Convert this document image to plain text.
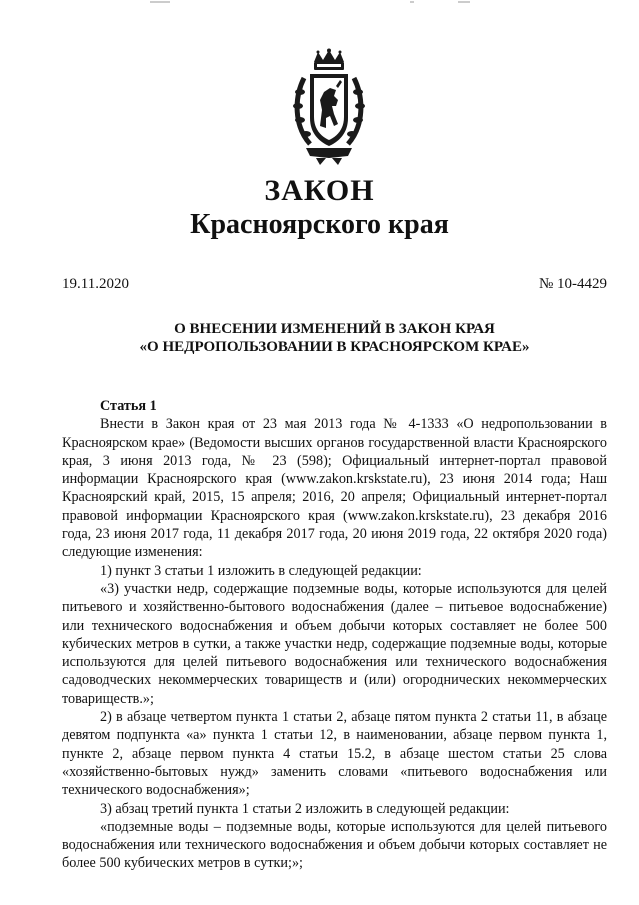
ЗАКОН
Красноярского края
19.11.2020	№ 10-4429
О ВНЕСЕНИИ ИЗМЕНЕНИЙ В ЗАКОН КРАЯ
«О НЕДРОПОЛЬЗОВАНИИ В КРАСНОЯРСКОМ КРАЕ»

Статья 1

Внести в Закон края от 23 мая 2013 года № 4-1333 «О недропользовании в Красноярском крае» (Ведомости высших органов государственной власти Красноярского края, 3 июня 2013 года, № 23 (598); Официальный интернет-портал правовой информации Красноярского края (www.zakon.krskstate.ru), 23 июня 2014 года; Наш Красноярский край, 2015, 15 апреля; 2016, 20 апреля; Официальный интернет-портал правовой информации Красноярского края (www.zakon.krskstate.ru), 23 декабря 2016 года, 23 июня 2017 года, 11 декабря 2017 года, 20 июня 2019 года, 22 октября 2020 года) следующие изменения:

1) пункт 3 статьи 1 изложить в следующей редакции:

«3) участки недр, содержащие подземные воды, которые используются для целей питьевого и хозяйственно-бытового водоснабжения (далее – питьевое водоснабжение) или технического водоснабжения и объем добычи которых составляет не более 500 кубических метров в сутки, а также участки недр, содержащие подземные воды, которые используются для целей питьевого водоснабжения или технического водоснабжения садоводческих некоммерческих товариществ и (или) огороднических некоммерческих товариществ.»;

2) в абзаце четвертом пункта 1 статьи 2, абзаце пятом пункта 2 статьи 11, в абзаце девятом подпункта «а» пункта 1 статьи 12, в наименовании, абзаце первом пункта 1, пункте 2, абзаце первом пункта 4 статьи 15.2, в абзаце шестом статьи 25 слова «хозяйственно-бытовых нужд» заменить словами «питьевого водоснабжения или технического водоснабжения»;

3) абзац третий пункта 1 статьи 2 изложить в следующей редакции:

«подземные воды – подземные воды, которые используются для целей питьевого водоснабжения или технического водоснабжения и объем добычи которых составляет не более 500 кубических метров в сутки;»;
